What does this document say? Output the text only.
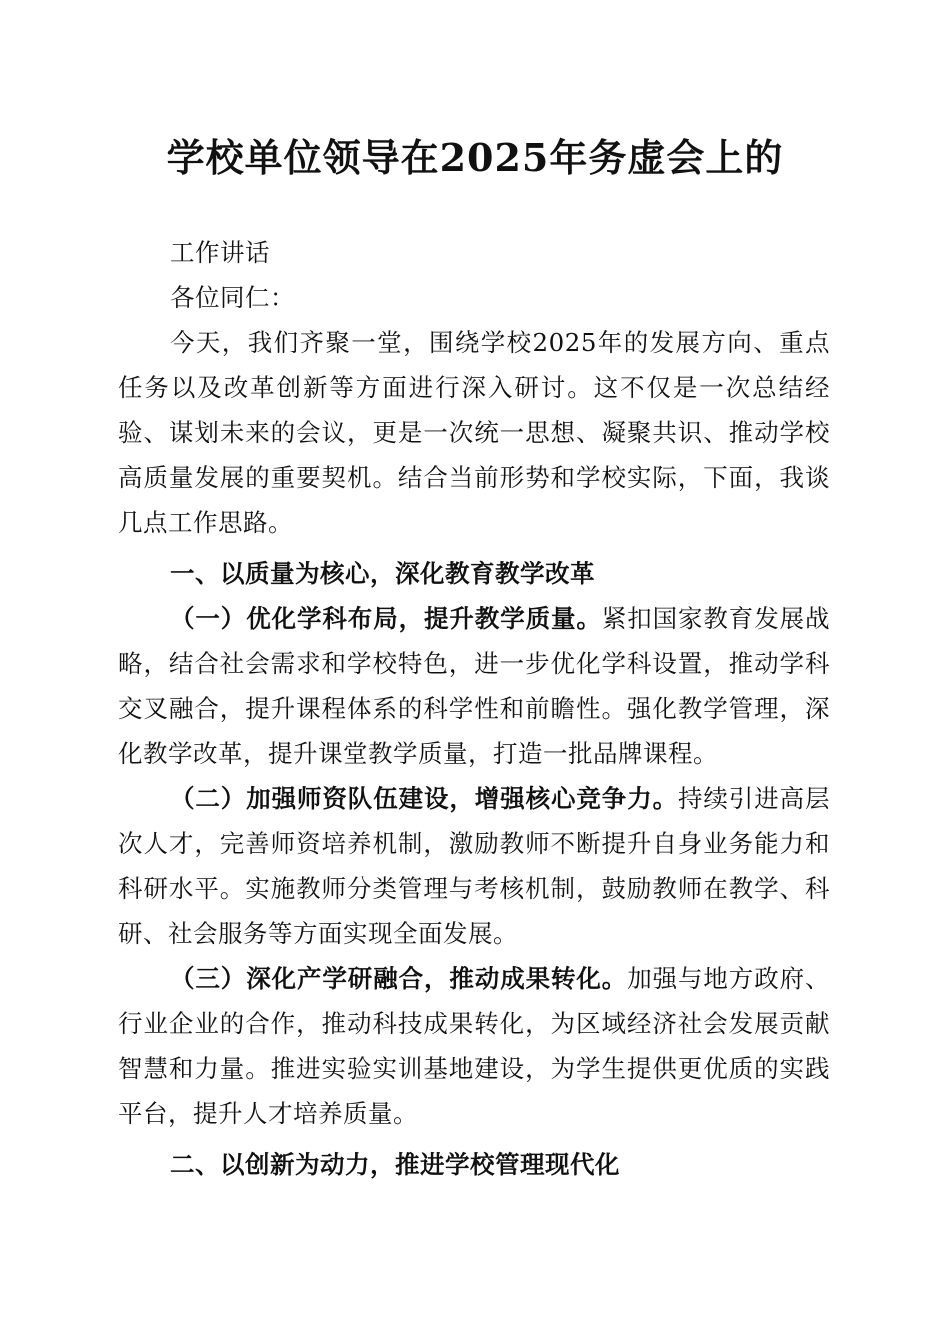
学校单位领导在2025年务虚会上的

工作讲话

各位同仁：

今天，我们齐聚一堂，围绕学校2025年的发展方向、重点任务以及改革创新等方面进行深入研讨。这不仅是一次总结经验、谋划未来的会议，更是一次统一思想、凝聚共识、推动学校高质量发展的重要契机。结合当前形势和学校实际，下面，我谈几点工作思路。

一、以质量为核心，深化教育教学改革

（一）优化学科布局，提升教学质量。紧扣国家教育发展战略，结合社会需求和学校特色，进一步优化学科设置，推动学科交叉融合，提升课程体系的科学性和前瞻性。强化教学管理，深化教学改革，提升课堂教学质量，打造一批品牌课程。

（二）加强师资队伍建设，增强核心竞争力。持续引进高层次人才，完善师资培养机制，激励教师不断提升自身业务能力和科研水平。实施教师分类管理与考核机制，鼓励教师在教学、科研、社会服务等方面实现全面发展。

（三）深化产学研融合，推动成果转化。加强与地方政府、行业企业的合作，推动科技成果转化，为区域经济社会发展贡献智慧和力量。推进实验实训基地建设，为学生提供更优质的实践平台，提升人才培养质量。

二、以创新为动力，推进学校管理现代化
